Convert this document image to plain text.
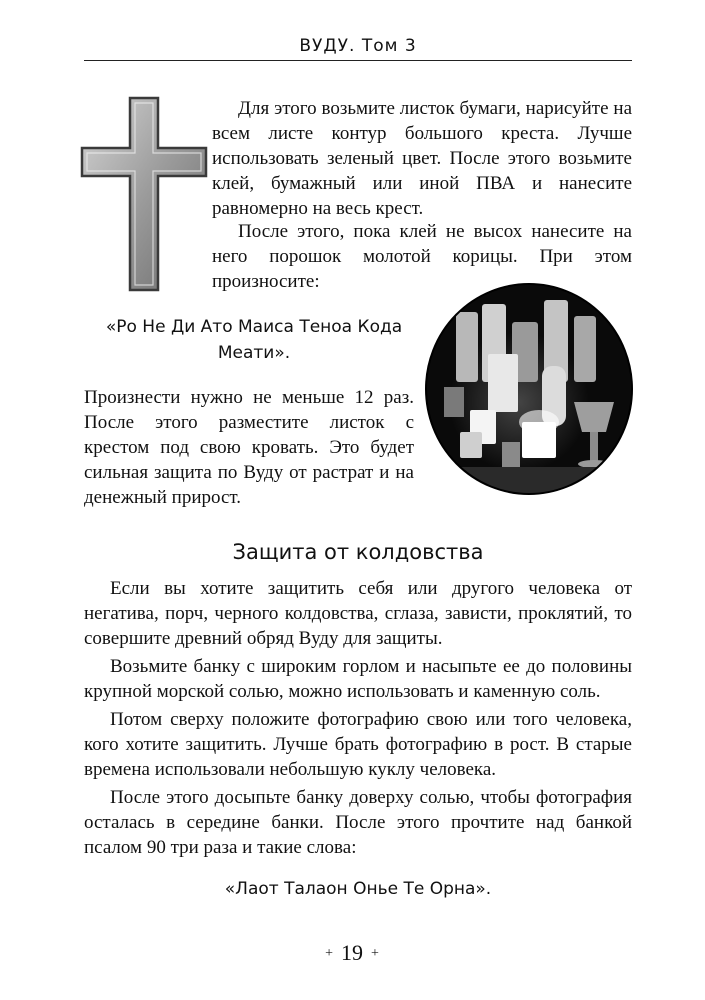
ВУДУ. Том 3

Для этого возьмите листок бумаги, нарисуйте на всем листе контур большого креста. Лучше использовать зеленый цвет. После этого возьмите клей, бумажный или иной ПВА и нанесите равномерно на весь крест.

После этого, пока клей не высох нанесите на него порошок молотой корицы. При этом произносите:

«Ро Не Ди Ато Маиса Теноа Кода Меати».

Произнести нужно не меньше 12 раз. После этого разместите листок с крестом под свою кровать. Это будет сильная защита по Вуду от растрат и на денежный прирост.

Защита от колдовства

Если вы хотите защитить себя или другого человека от негатива, порч, черного колдовства, сглаза, зависти, проклятий, то совершите древний обряд Вуду для защиты.

Возьмите банку с широким горлом и насыпьте ее до половины крупной морской солью, можно использовать и каменную соль.

Потом сверху положите фотографию свою или того человека, кого хотите защитить. Лучше брать фотографию в рост. В старые времена использовали небольшую куклу человека.

После этого досыпьте банку доверху солью, чтобы фотография осталась в середине банки. После этого прочтите над банкой псалом 90 три раза и такие слова:

«Лаот Талаон Онье Те Орна».

+ 19 +
